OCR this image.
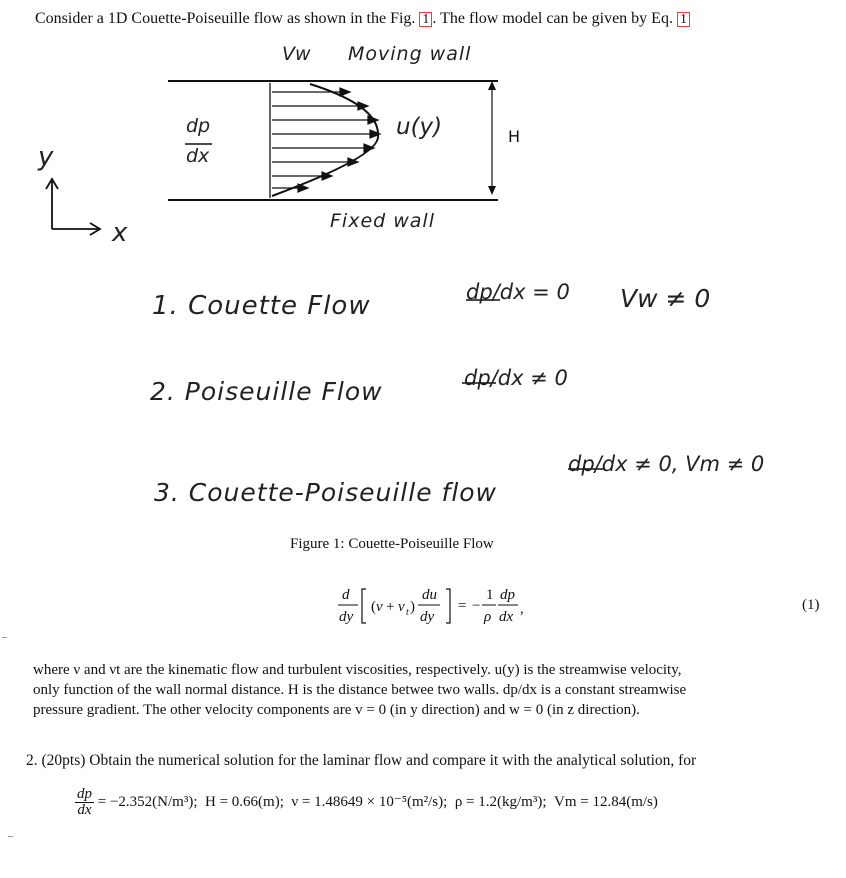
Consider a 1D Couette-Poiseuille flow as shown in the Fig. 1 . The flow model can be given by Eq. 1
Vw Moving wall
dp
dx
u(y)	H
y
x	Fixed wall
1. Couette Flow	dp/dx = 0 Vw ≠ 0
2. Poiseuille Flow	dp/dx ≠ 0
3. Couette-Poiseuille flow
dp/dx ≠ 0, Vm ≠ 0
Figure 1: Couette-Poiseuille Flow
d
dy
( ν + ν t )
du
dy
= −
1
ρ
dp
dx ,	(1)
where ν and νt are the kinematic flow and turbulent viscosities, respectively. u(y) is the streamwise velocity,
only function of the wall normal distance. H is the distance betwee two walls. dp/dx is a constant streamwise
pressure gradient. The other velocity components are v = 0 (in y direction) and w = 0 (in z direction).
2. (20pts) Obtain the numerical solution for the laminar flow and compare it with the analytical solution, for
$\frac{dp}{dx} = -2.352(N/m^3)$; H = 0.66(m); ν = 1.48649 × 10⁻⁵(m²/s); ρ = 1.2(kg/m³); Vm = 12.84(m/s)
